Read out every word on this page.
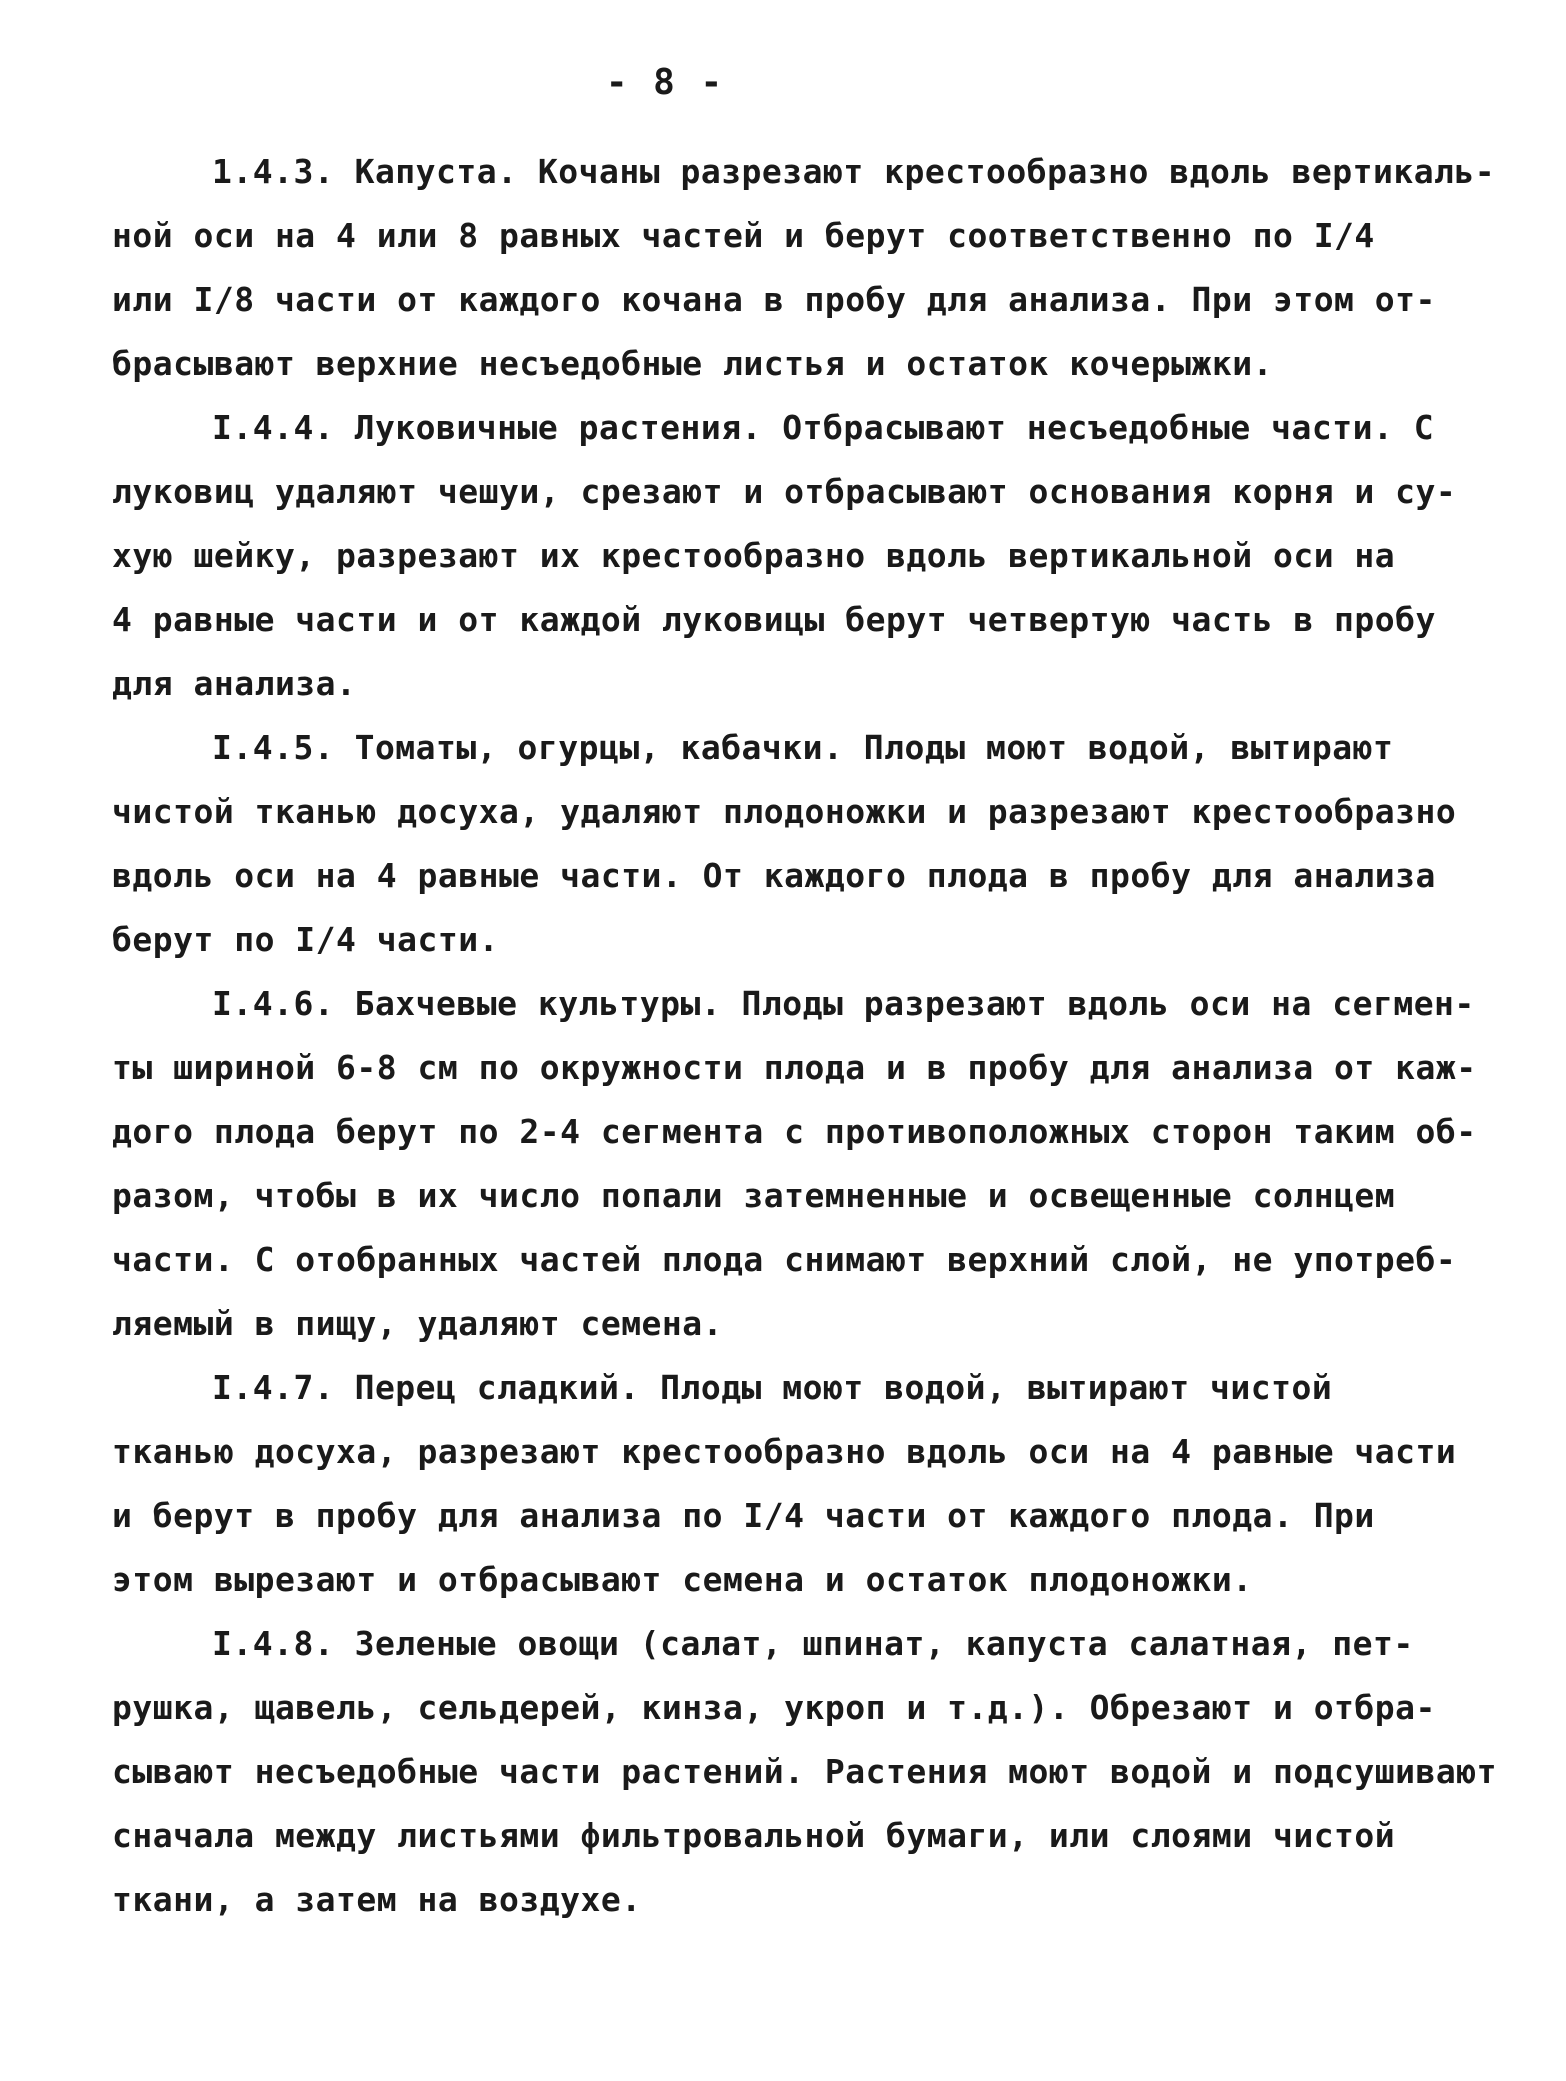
- 8 -
1.4.3. Капуста. Кочаны разрезают крестообразно вдоль вертикаль-
ной оси на 4 или 8 равных частей и берут соответственно по I/4
или I/8 части от каждого кочана в пробу для анализа. При этом от-
брасывают верхние несъедобные листья и остаток кочерыжки.
I.4.4. Луковичные растения. Отбрасывают несъедобные части. С
луковиц удаляют чешуи, срезают и отбрасывают основания корня и су-
хую шейку, разрезают их крестообразно вдоль вертикальной оси на
4 равные части и от каждой луковицы берут четвертую часть в пробу
для анализа.
I.4.5. Томаты, огурцы, кабачки. Плоды моют водой, вытирают
чистой тканью досуха, удаляют плодоножки и разрезают крестообразно
вдоль оси на 4 равные части. От каждого плода в пробу для анализа
берут по I/4 части.
I.4.6. Бахчевые культуры. Плоды разрезают вдоль оси на сегмен-
ты шириной 6-8 см по окружности плода и в пробу для анализа от каж-
дого плода берут по 2-4 сегмента с противоположных сторон таким об-
разом, чтобы в их число попали затемненные и освещенные солнцем
части. С отобранных частей плода снимают верхний слой, не употреб-
ляемый в пищу, удаляют семена.
I.4.7. Перец сладкий. Плоды моют водой, вытирают чистой
тканью досуха, разрезают крестообразно вдоль оси на 4 равные части
и берут в пробу для анализа по I/4 части от каждого плода. При
этом вырезают и отбрасывают семена и остаток плодоножки.
I.4.8. Зеленые овощи (салат, шпинат, капуста салатная, пет-
рушка, щавель, сельдерей, кинза, укроп и т.д.). Обрезают и отбра-
сывают несъедобные части растений. Растения моют водой и подсушивают
сначала между листьями фильтровальной бумаги, или слоями чистой
ткани, а затем на воздухе.
